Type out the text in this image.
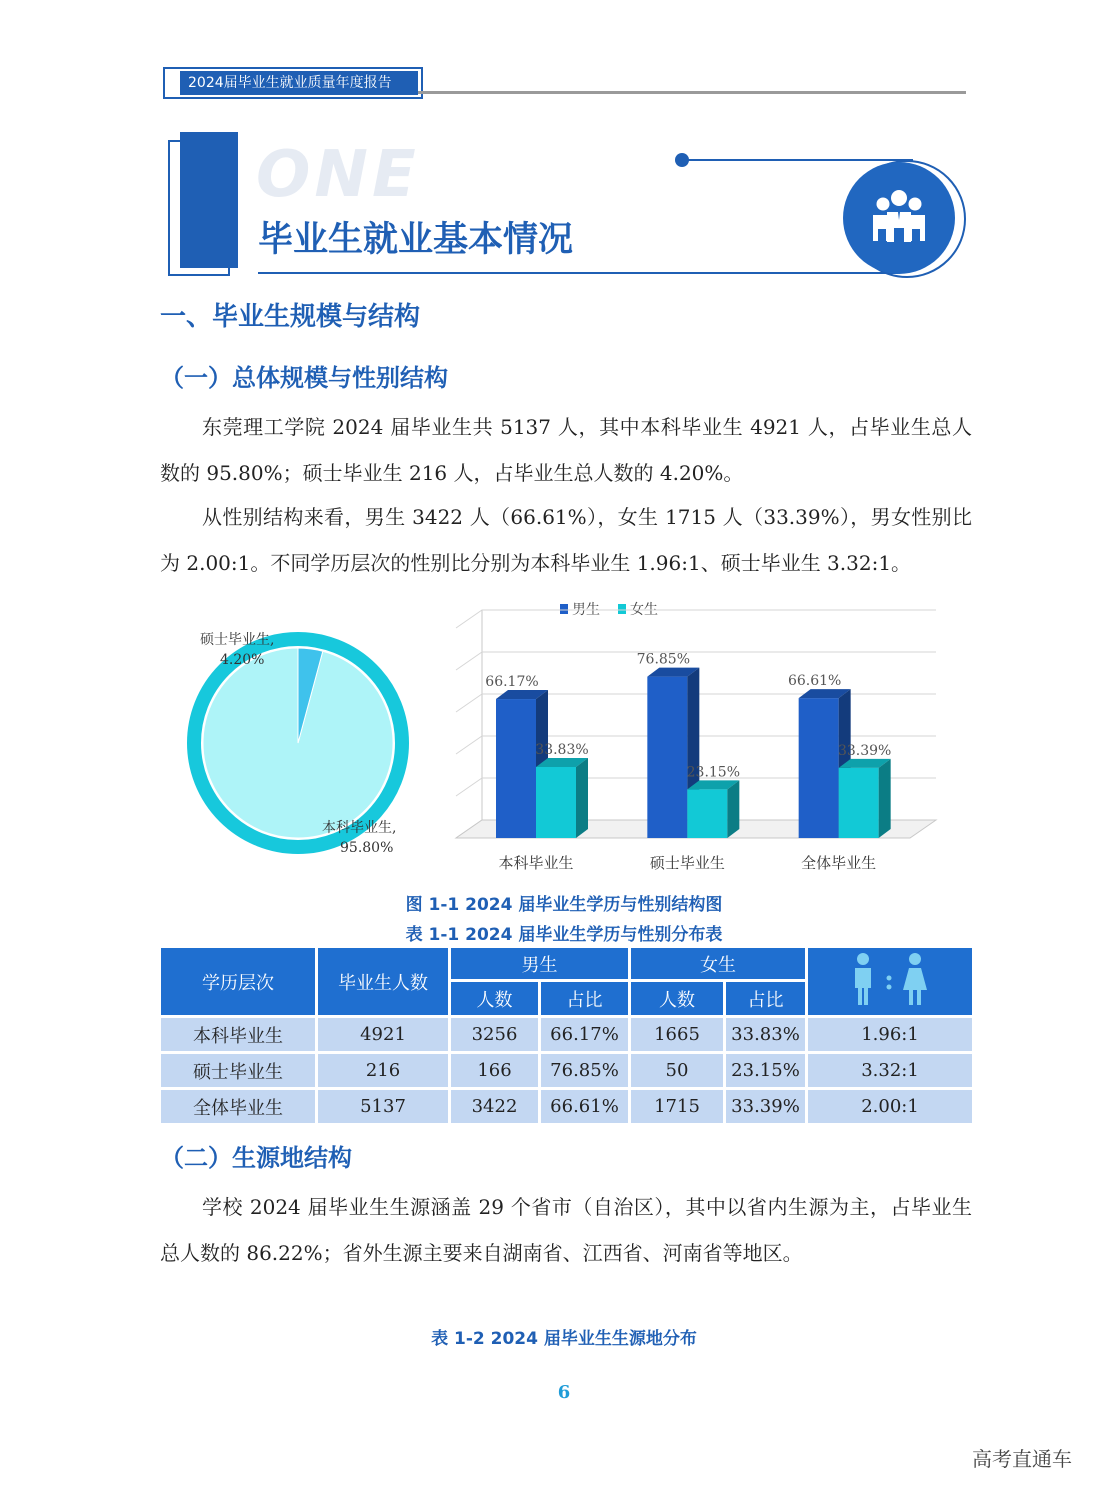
2024届毕业生就业质量年度报告
ONE
毕业生就业基本情况
一、毕业生规模与结构
（一）总体规模与性别结构

东莞理工学院 2024 届毕业生共 5137 人，其中本科毕业生 4921 人，占毕业生总人数的 95.80%；硕士毕业生 216 人，占毕业生总人数的 4.20%。

从性别结构来看，男生 3422 人（66.61%），女生 1715 人（33.39%），男女性别比为 2.00:1。不同学历层次的性别比分别为本科毕业生 1.96:1、硕士毕业生 3.32:1。

硕士毕业生,
4.20%
本科毕业生,
95.80%
男生 女生
66.17%
33.83%
76.85%
23.15%
66.61%
33.39%
本科毕业生	硕士毕业生	全体毕业生
图 1-1 2024 届毕业生学历与性别结构图
表 1-1 2024 届毕业生学历与性别分布表
学历层次	毕业生人数	男生		女生	
		人数	占比	人数	占比	
本科毕业生	4921	3256	66.17%	1665	33.83%	1.96:1
硕士毕业生	216	166	76.85%	50	23.15%	3.32:1
全体毕业生	5137	3422	66.61%	1715	33.39%	2.00:1
（二）生源地结构

学校 2024 届毕业生生源涵盖 29 个省市（自治区），其中以省内生源为主，占毕业生总人数的 86.22%；省外生源主要来自湖南省、江西省、河南省等地区。

表 1-2 2024 届毕业生生源地分布
6
高考直通车
